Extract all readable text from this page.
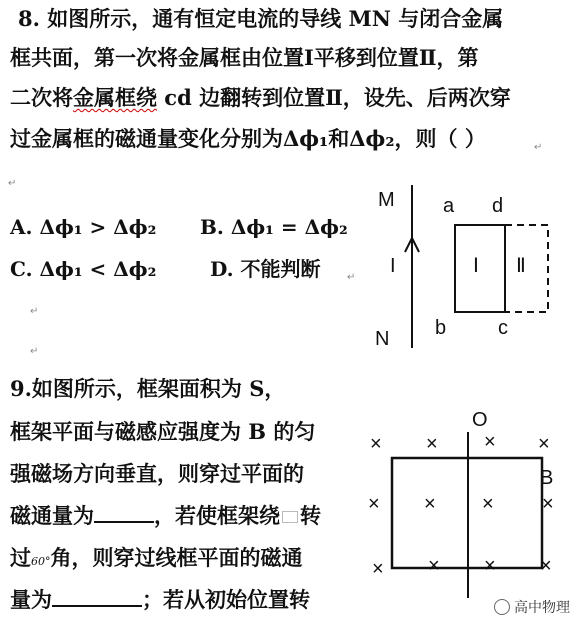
8. 如图所示，通有恒定电流的导线 MN 与闭合金属
框共面，第一次将金属框由位置Ⅰ平移到位置Ⅱ，第
二次将金属框绕 cd 边翻转到位置Ⅱ，设先、后两次穿
过金属框的磁通量变化分别为Δϕ₁和Δϕ₂，则（ ）	↵
↵
A. Δϕ₁ > Δϕ₂ B. Δϕ₁ = Δϕ₂
C. Δϕ₁ < Δϕ₂	D. 不能判断	↵
↵
↵
M
N
I	Ⅰ Ⅱ
a d
b	c
9.如图所示，框架面积为 S，
框架平面与磁感应强度为 B 的匀
强磁场方向垂直，则穿过平面的
磁通量为	，若使框架绕 转
过60°角，则穿过线框平面的磁通
量为	；若从初始位置转
O
B
× × × ×
× × × ×
× × × ×
高中物理
